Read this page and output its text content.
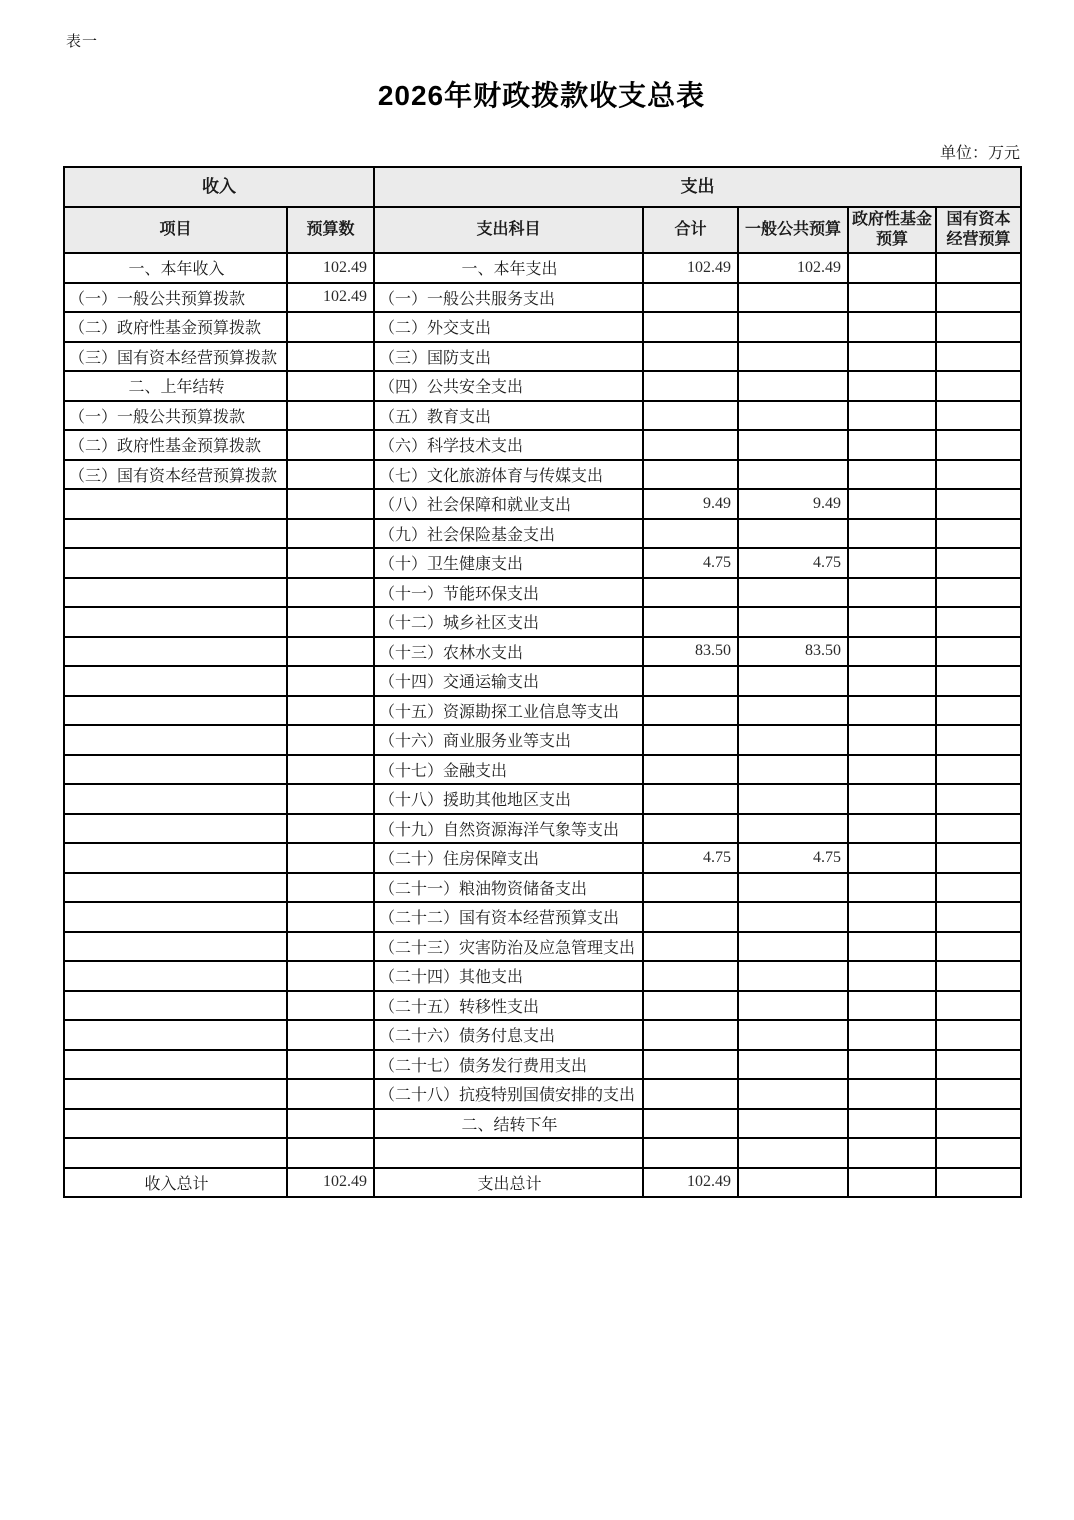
表一
2026年财政拨款收支总表
单位：万元
收入		支出				
项目	预算数	支出科目	合计	一般公共预算	政府性基金预算	国有资本经营预算
一、本年收入	102.49	一、本年支出	102.49	102.49		
（一）一般公共预算拨款	102.49	（一）一般公共服务支出				
（二）政府性基金预算拨款		（二）外交支出				
（三）国有资本经营预算拨款		（三）国防支出				
二、上年结转		（四）公共安全支出				
（一）一般公共预算拨款		（五）教育支出				
（二）政府性基金预算拨款		（六）科学技术支出				
（三）国有资本经营预算拨款		（七）文化旅游体育与传媒支出				
		（八）社会保障和就业支出	9.49	9.49		
		（九）社会保险基金支出				
		（十）卫生健康支出	4.75	4.75		
		（十一）节能环保支出				
		（十二）城乡社区支出				
		（十三）农林水支出	83.50	83.50		
		（十四）交通运输支出				
		（十五）资源勘探工业信息等支出				
		（十六）商业服务业等支出				
		（十七）金融支出				
		（十八）援助其他地区支出				
		（十九）自然资源海洋气象等支出				
		（二十）住房保障支出	4.75	4.75		
		（二十一）粮油物资储备支出				
		（二十二）国有资本经营预算支出				
		（二十三）灾害防治及应急管理支出				
		（二十四）其他支出				
		（二十五）转移性支出				
		（二十六）债务付息支出				
		（二十七）债务发行费用支出				
		（二十八）抗疫特别国债安排的支出				
		二、结转下年				

收入总计	102.49	支出总计	102.49			
